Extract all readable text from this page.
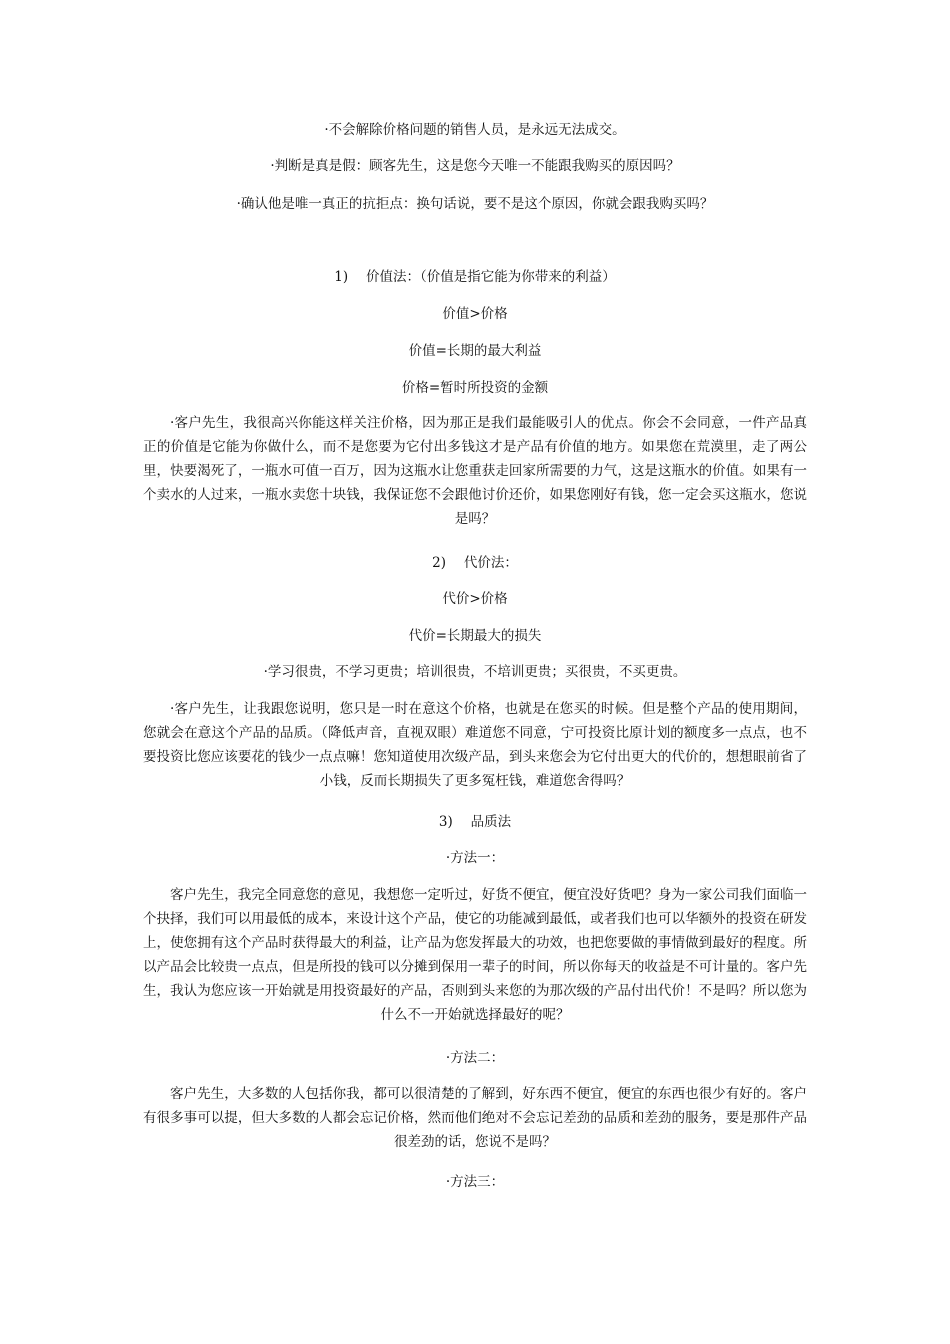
·不会解除价格问题的销售人员，是永远无法成交。
·判断是真是假：顾客先生，这是您今天唯一不能跟我购买的原因吗？
·确认他是唯一真正的抗拒点：换句话说，要不是这个原因，你就会跟我购买吗？
1)　 价值法：（价值是指它能为你带来的利益）
价值>价格
价值=长期的最大利益
价格=暂时所投资的金额
·客户先生，我很高兴你能这样关注价格，因为那正是我们最能吸引人的优点。你会不会同意，一件产品真正的价值是它能为你做什么，而不是您要为它付出多钱这才是产品有价值的地方。如果您在荒漠里，走了两公里，快要渴死了，一瓶水可值一百万，因为这瓶水让您重获走回家所需要的力气，这是这瓶水的价值。如果有一个卖水的人过来，一瓶水卖您十块钱，我保证您不会跟他讨价还价，如果您刚好有钱，您一定会买这瓶水，您说是吗？
2)　 代价法：
代价>价格
代价=长期最大的损失
·学习很贵，不学习更贵；培训很贵，不培训更贵；买很贵，不买更贵。
·客户先生，让我跟您说明，您只是一时在意这个价格，也就是在您买的时候。但是整个产品的使用期间，您就会在意这个产品的品质。（降低声音，直视双眼）难道您不同意，宁可投资比原计划的额度多一点点，也不要投资比您应该要花的钱少一点点嘛！您知道使用次级产品，到头来您会为它付出更大的代价的，想想眼前省了小钱，反而长期损失了更多冤枉钱，难道您舍得吗？
3)　 品质法
·方法一：
客户先生，我完全同意您的意见，我想您一定听过，好货不便宜，便宜没好货吧？身为一家公司我们面临一个抉择，我们可以用最低的成本，来设计这个产品，使它的功能减到最低，或者我们也可以华额外的投资在研发上，使您拥有这个产品时获得最大的利益，让产品为您发挥最大的功效，也把您要做的事情做到最好的程度。所以产品会比较贵一点点，但是所投的钱可以分摊到保用一辈子的时间，所以你每天的收益是不可计量的。客户先生，我认为您应该一开始就是用投资最好的产品，否则到头来您的为那次级的产品付出代价！不是吗？所以您为什么不一开始就选择最好的呢？
·方法二：
客户先生，大多数的人包括你我，都可以很清楚的了解到，好东西不便宜，便宜的东西也很少有好的。客户有很多事可以提，但大多数的人都会忘记价格，然而他们绝对不会忘记差劲的品质和差劲的服务，要是那件产品很差劲的话，您说不是吗？
·方法三：
